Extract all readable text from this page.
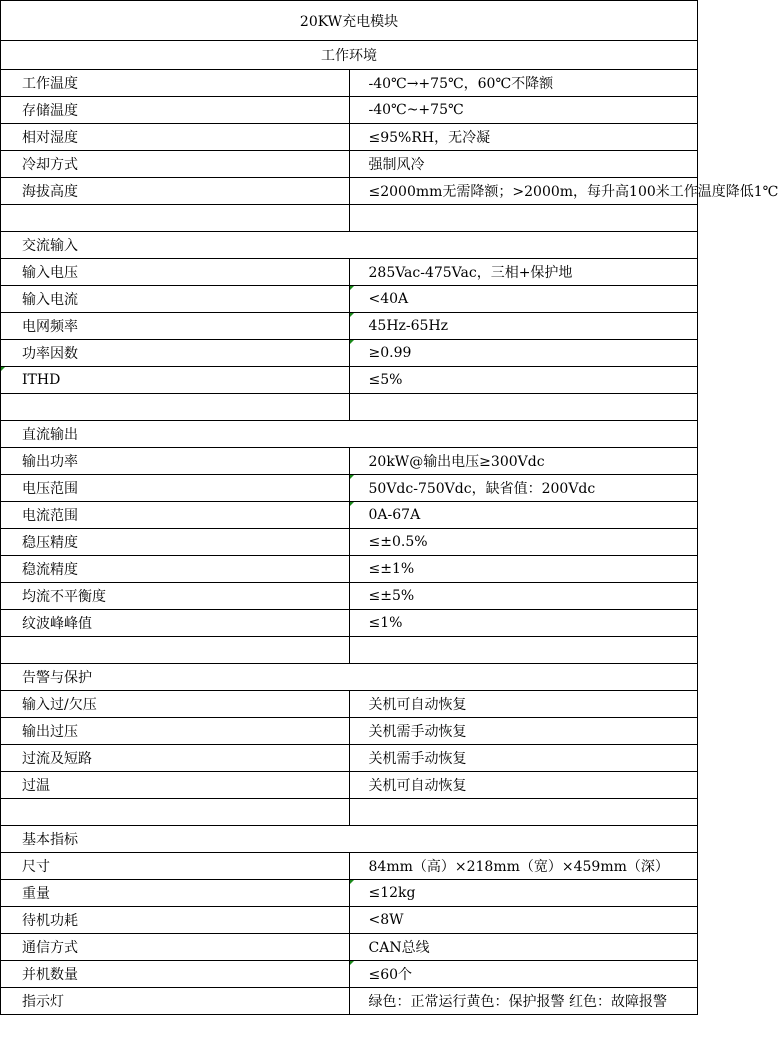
20KW充电模块	
工作环境	
工作温度	-40℃→+75℃，60℃不降额
存储温度	-40℃~+75℃
相对湿度	≤95%RH，无冷凝
冷却方式	强制风冷
海拔高度	≤2000mm无需降额；>2000m，每升高100米工作温度降低1℃

交流输入	
输入电压	285Vac-475Vac，三相+保护地
输入电流	<40A
电网频率	45Hz-65Hz
功率因数	≥0.99

ITHD	≤5%

直流输出	
输出功率	20kW@输出电压≥300Vdc
电压范围	50Vdc-750Vdc，缺省值：200Vdc
电流范围	0A-67A
稳压精度	≤±0.5%
稳流精度	≤±1%
均流不平衡度	≤±5%
纹波峰峰值	≤1%

告警与保护	
输入过/欠压	关机可自动恢复
输出过压	关机需手动恢复
过流及短路	关机需手动恢复
过温	关机可自动恢复

基本指标	
尺寸	84mm（高）×218mm（宽）×459mm（深）
重量	≤12kg
待机功耗	<8W
通信方式	CAN总线
并机数量	≤60个
指示灯	绿色：正常运行黄色：保护报警 红色：故障报警
